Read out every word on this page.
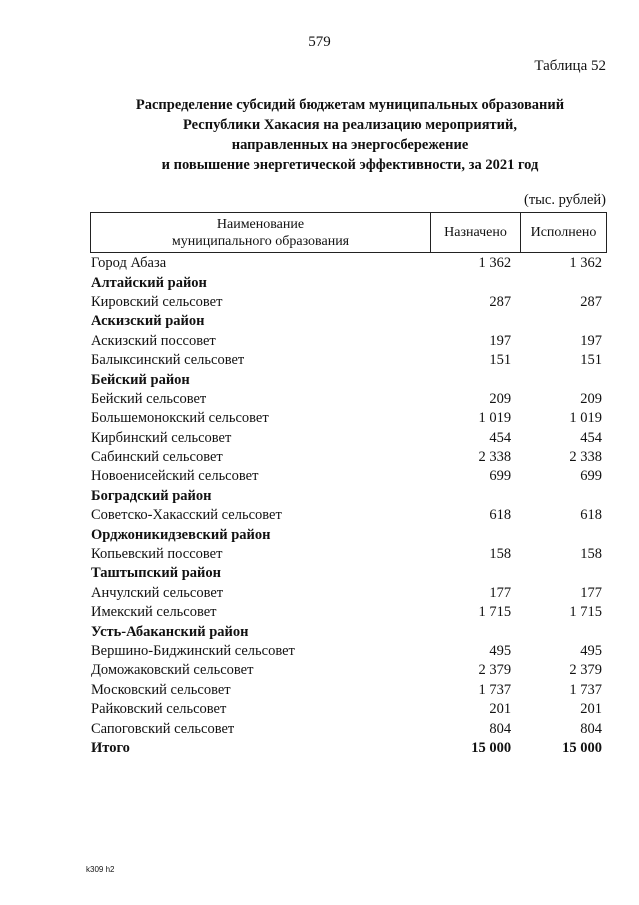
579
Таблица 52
Распределение субсидий бюджетам муниципальных образований
Республики Хакасия на реализацию мероприятий,
направленных на энергосбережение
и повышение энергетической эффективности, за 2021 год
(тыс. рублей)
Наименование
муниципального образования
Назначено	Исполнено
Город Абаза	1 362	1 362
Алтайский район
Кировский сельсовет	287	287
Аскизский район
Аскизский поссовет	197	197
Балыксинский сельсовет	151	151
Бейский район
Бейский сельсовет	209	209
Большемонокский сельсовет	1 019	1 019
Кирбинский сельсовет	454	454
Сабинский сельсовет	2 338	2 338
Новоенисейский сельсовет	699	699
Боградский район
Советско-Хакасский сельсовет	618	618
Орджоникидзевский район
Копьевский поссовет	158	158
Таштыпский район
Анчулский сельсовет	177	177
Имекский сельсовет	1 715	1 715
Усть-Абаканский район
Вершино-Биджинский сельсовет	495	495
Доможаковский сельсовет	2 379	2 379
Московский сельсовет	1 737	1 737
Райковский сельсовет	201	201
Сапоговский сельсовет	804	804
Итого	15 000	15 000
k309 h2
